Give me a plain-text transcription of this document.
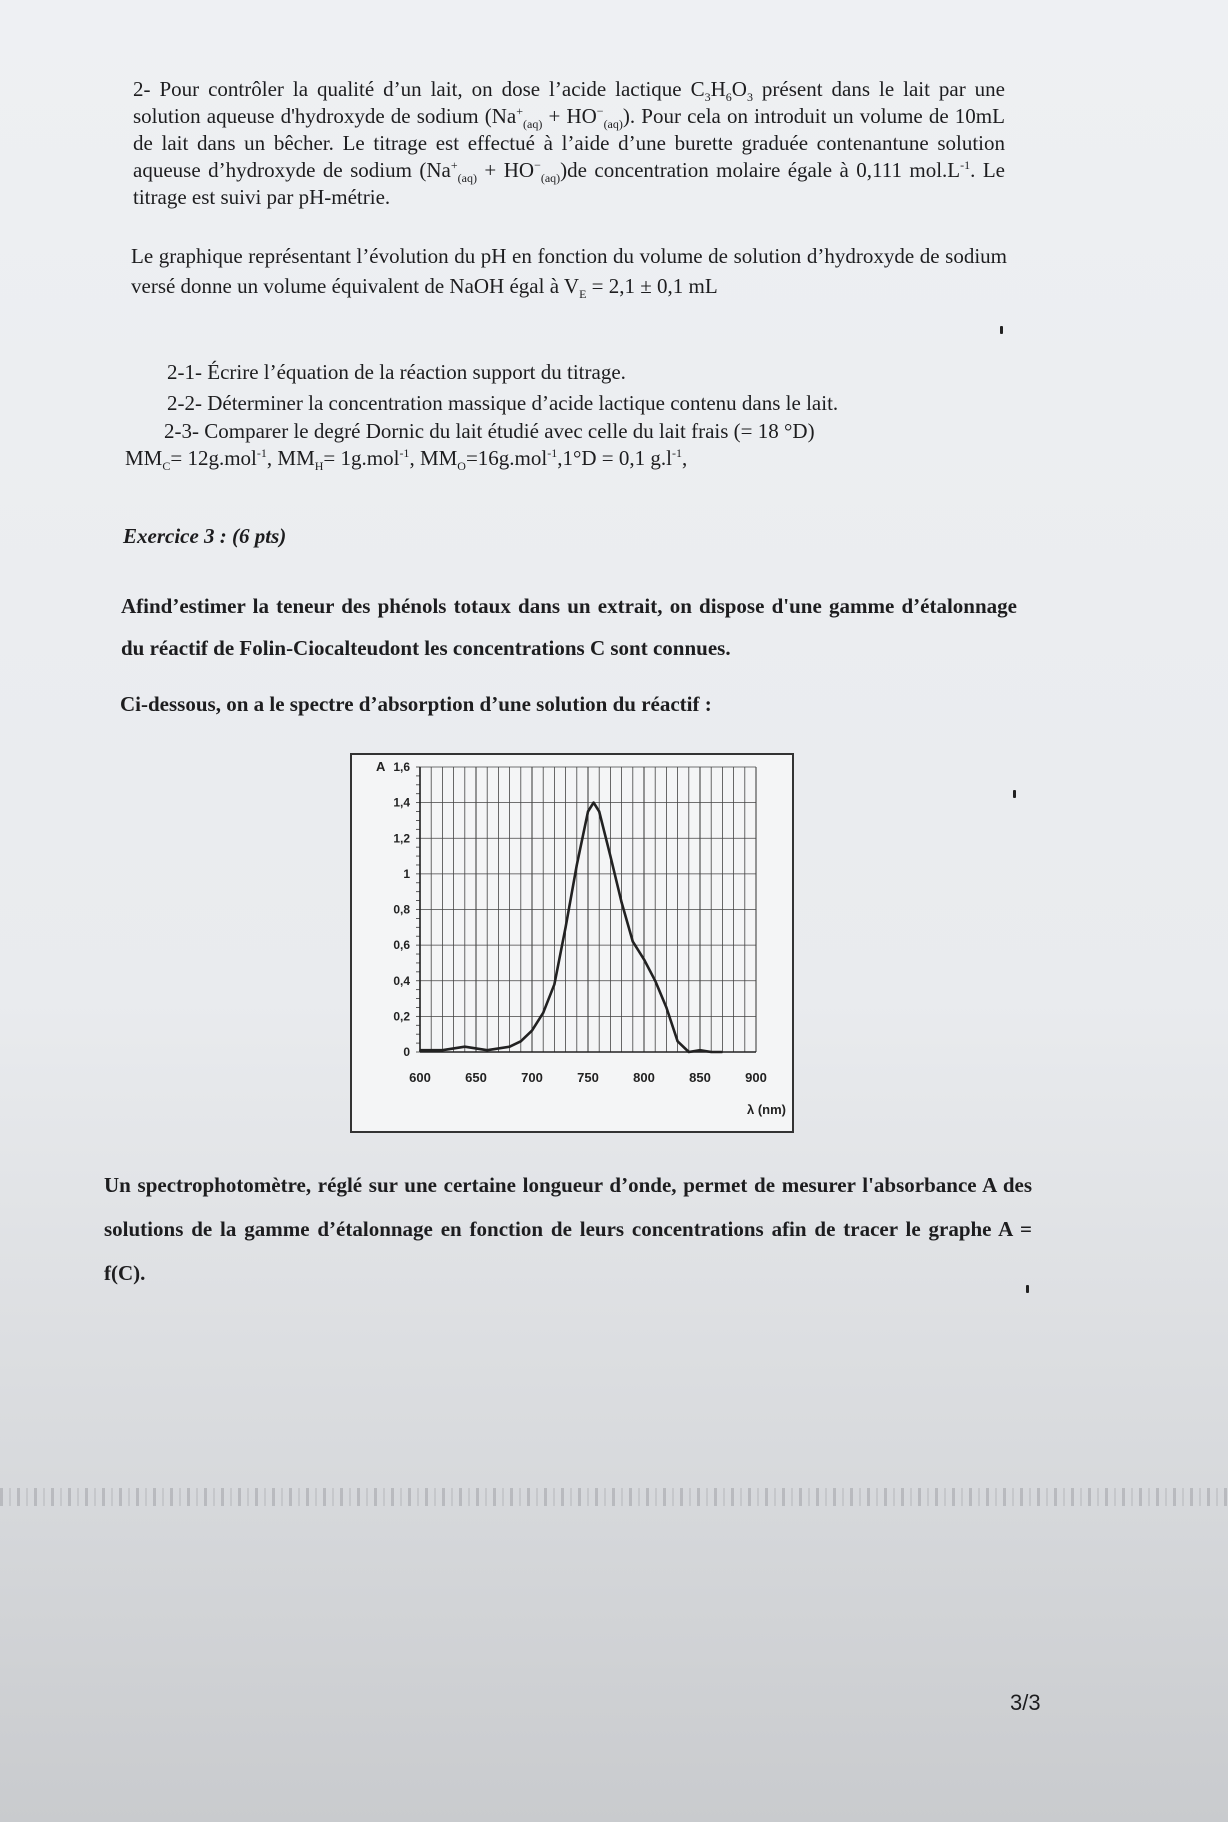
2- Pour contrôler la qualité d’un lait, on dose l’acide lactique $C_3H_6O_3$ présent dans le lait par une solution aqueuse d'hydroxyde de sodium $(Na^+_{(aq)} + HO^-_{(aq)})$. Pour cela on introduit un volume de 10mL de lait dans un bêcher. Le titrage est effectué à l’aide d’une burette graduée contenantune solution aqueuse d’hydroxyde de sodium $(Na^+_{(aq)} + HO^-_{(aq)})de$ concentration molaire égale à 0,111 $mol.L^{-1}$. Le titrage est suivi par pH-métrie.
Le graphique représentant l’évolution du pH en fonction du volume de solution d’hydroxyde de sodium versé donne un volume équivalent de NaOH égal à $V_E = 2,1 \pm 0,1$ mL
2-1- Écrire l’équation de la réaction support du titrage.
2-2- Déterminer la concentration massique d’acide lactique contenu dans le lait.
2-3- Comparer le degré Dornic du lait étudié avec celle du lait frais (= 18 °D)
$MM_C= 12g.mol^{-1}$, $MM_H= 1g.mol^{-1}$, $MM_O=16g.mol^{-1},1^\circ D = 0,1$ $g.l^{-1}$,
Exercice 3 : (6 pts)
Afind’estimer la teneur des phénols totaux dans un extrait, on dispose d'une gamme d’étalonnage du réactif de Folin-Ciocalteudont les concentrations C sont connues.
Ci-dessous, on a le spectre d’absorption d’une solution du réactif :
600	650	700	750	800	850	900
0
0,2
0,4
0,6
0,8
1
1,2
1,4
1,6
A
λ (nm)
Un spectrophotomètre, réglé sur une certaine longueur d’onde, permet de mesurer l'absorbance A des solutions de la gamme d’étalonnage en fonction de leurs concentrations afin de tracer le graphe A = f(C).
3/3
